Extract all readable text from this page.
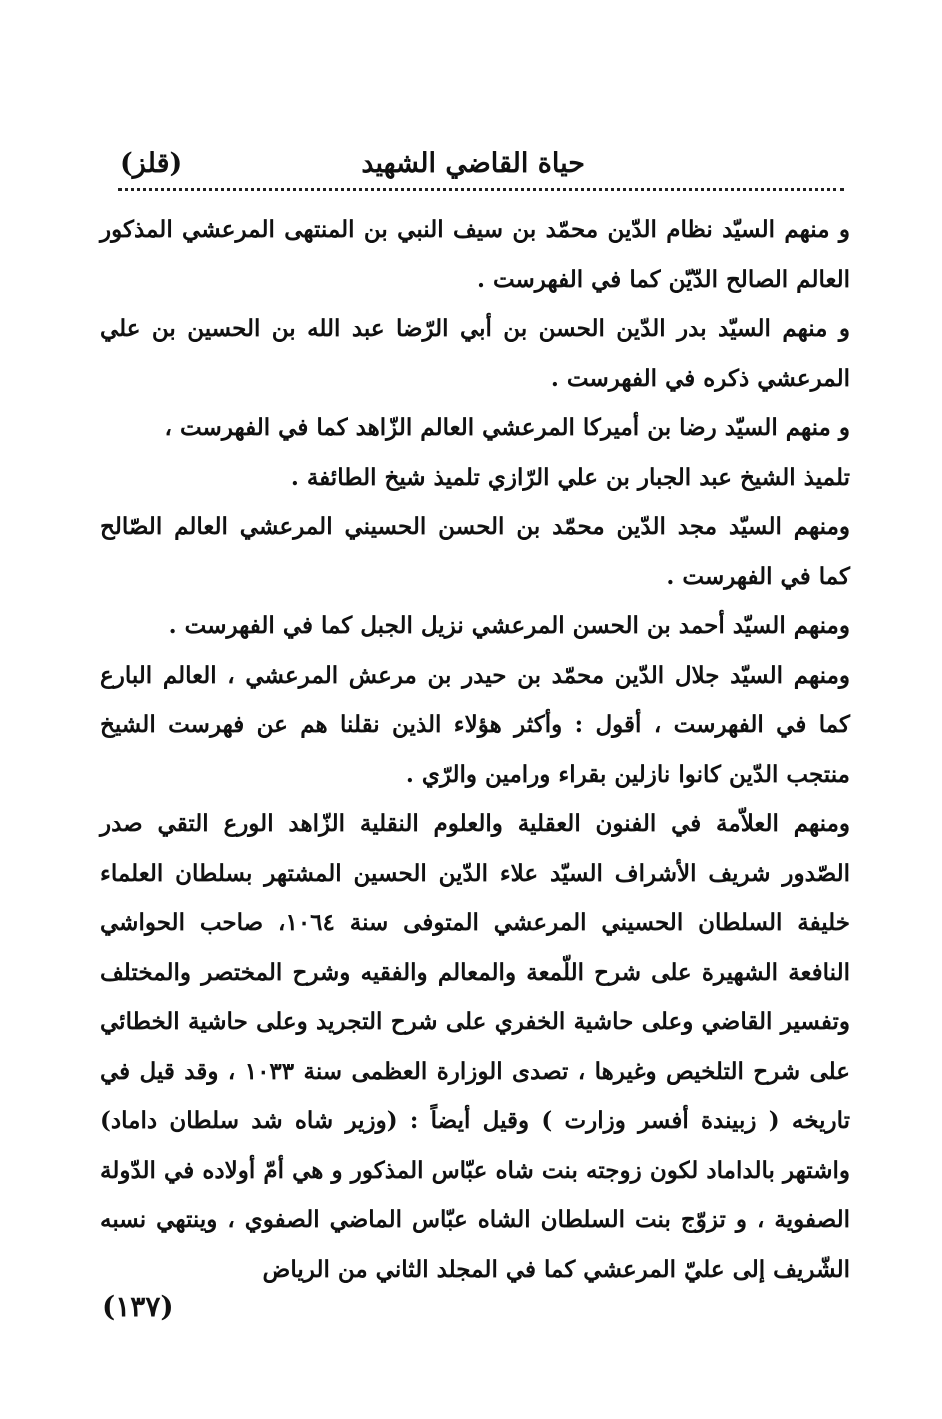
حياة القاضي الشهيد
(قلز)

و منهم السيّد نظام الدّين محمّد بن سيف النبي بن المنتهى المرعشي المذكور العالم الصالح الدّيّن كما في الفهرست .

و منهم السيّد بدر الدّين الحسن بن أبي الرّضا عبد الله بن الحسين بن علي المرعشي ذكره في الفهرست .

و منهم السيّد رضا بن أميركا المرعشي العالم الزّاهد كما في الفهرست ،

تلميذ الشيخ عبد الجبار بن علي الرّازي تلميذ شيخ الطائفة .

ومنهم السيّد مجد الدّين محمّد بن الحسن الحسيني المرعشي العالم الصّالح كما في الفهرست .

ومنهم السيّد أحمد بن الحسن المرعشي نزيل الجبل كما في الفهرست .

ومنهم السيّد جلال الدّين محمّد بن حيدر بن مرعش المرعشي ، العالم البارع كما في الفهرست ، أقول : وأكثر هؤلاء الذين نقلنا هم عن فهرست الشيخ منتجب الدّين كانوا نازلين بقراء ورامين والرّي .

ومنهم العلاّمة في الفنون العقلية والعلوم النقلية الزّاهد الورع التقي صدر الصّدور شريف الأشراف السيّد علاء الدّين الحسين المشتهر بسلطان العلماء خليفة السلطان الحسيني المرعشي المتوفى سنة ١٠٦٤، صاحب الحواشي النافعة الشهيرة على شرح اللّمعة والمعالم والفقيه وشرح المختصر والمختلف وتفسير القاضي وعلى حاشية الخفري على شرح التجريد وعلى حاشية الخطائي على شرح التلخيص وغيرها ، تصدى الوزارة العظمى سنة ١٠٣٣ ، وقد قيل في تاريخه ( زبيندة أفسر وزارت ) وقيل أيضاً : (وزير شاه شد سلطان داماد) واشتهر بالداماد لكون زوجته بنت شاه عبّاس المذكور و هي أمّ أولاده في الدّولة الصفوية ، و تزوّج بنت السلطان الشاه عبّاس الماضي الصفوي ، وينتهي نسبه الشّريف إلى عليّ المرعشي كما في المجلد الثاني من الرياض

(١٣٧)
